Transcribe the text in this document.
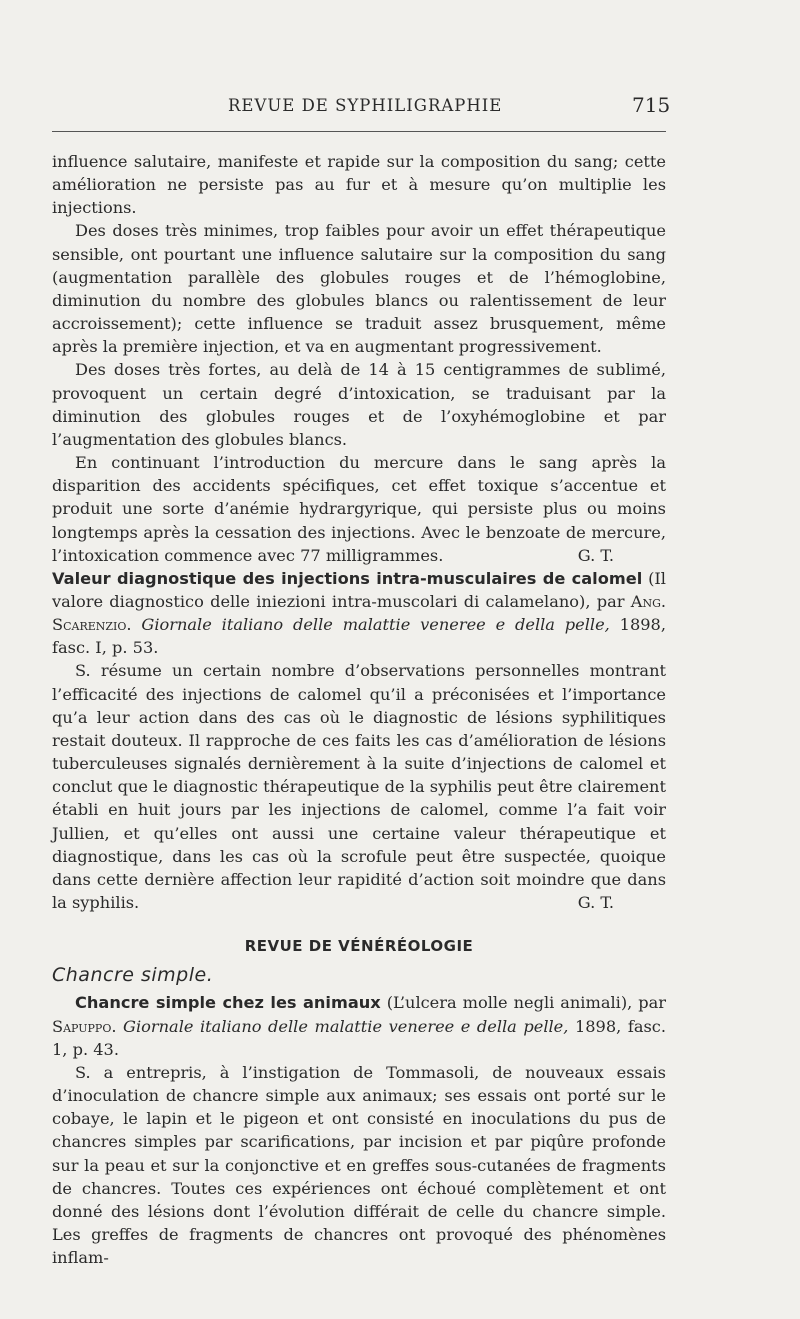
REVUE DE SYPHILIGRAPHIE	715

influence salutaire, manifeste et rapide sur la composition du sang; cette amélioration ne persiste pas au fur et à mesure qu’on multiplie les injections.

Des doses très minimes, trop faibles pour avoir un effet thérapeutique sensible, ont pourtant une influence salutaire sur la composition du sang (augmentation parallèle des globules rouges et de l’hémoglobine, diminution du nombre des globules blancs ou ralentissement de leur accroissement); cette influence se traduit assez brusquement, même après la première injection, et va en augmentant progressivement.

Des doses très fortes, au delà de 14 à 15 centigrammes de sublimé, provoquent un certain degré d’intoxication, se traduisant par la diminution des globules rouges et de l’oxyhémoglobine et par l’augmentation des globules blancs.

En continuant l’introduction du mercure dans le sang après la disparition des accidents spécifiques, cet effet toxique s’accentue et produit une sorte d’anémie hydrargyrique, qui persiste plus ou moins longtemps après la cessation des injections. Avec le benzoate de mercure, l’intoxication commence avec 77 milligrammes.	G. T.

Valeur diagnostique des injections intra-musculaires de calomel (Il valore diagnostico delle iniezioni intra-muscolari di calamelano), par Ang. Scarenzio. Giornale italiano delle malattie veneree e della pelle, 1898, fasc. I, p. 53.

S. résume un certain nombre d’observations personnelles montrant l’efficacité des injections de calomel qu’il a préconisées et l’importance qu’a leur action dans des cas où le diagnostic de lésions syphilitiques restait douteux. Il rapproche de ces faits les cas d’amélioration de lésions tuberculeuses signalés dernièrement à la suite d’injections de calomel et conclut que le diagnostic thérapeutique de la syphilis peut être clairement établi en huit jours par les injections de calomel, comme l’a fait voir Jullien, et qu’elles ont aussi une certaine valeur thérapeutique et diagnostique, dans les cas où la scrofule peut être suspectée, quoique dans cette dernière affection leur rapidité d’action soit moindre que dans la syphilis.	G. T.

REVUE DE VÉNÉRÉOLOGIE
Chancre simple.

Chancre simple chez les animaux (L’ulcera molle negli animali), par Sapuppo. Giornale italiano delle malattie veneree e della pelle, 1898, fasc. 1, p. 43.

S. a entrepris, à l’instigation de Tommasoli, de nouveaux essais d’inoculation de chancre simple aux animaux; ses essais ont porté sur le cobaye, le lapin et le pigeon et ont consisté en inoculations du pus de chancres simples par scarifications, par incision et par piqûre profonde sur la peau et sur la conjonctive et en greffes sous-cutanées de fragments de chancres. Toutes ces expériences ont échoué complètement et ont donné des lésions dont l’évolution différait de celle du chancre simple. Les greffes de fragments de chancres ont provoqué des phénomènes inflam-
